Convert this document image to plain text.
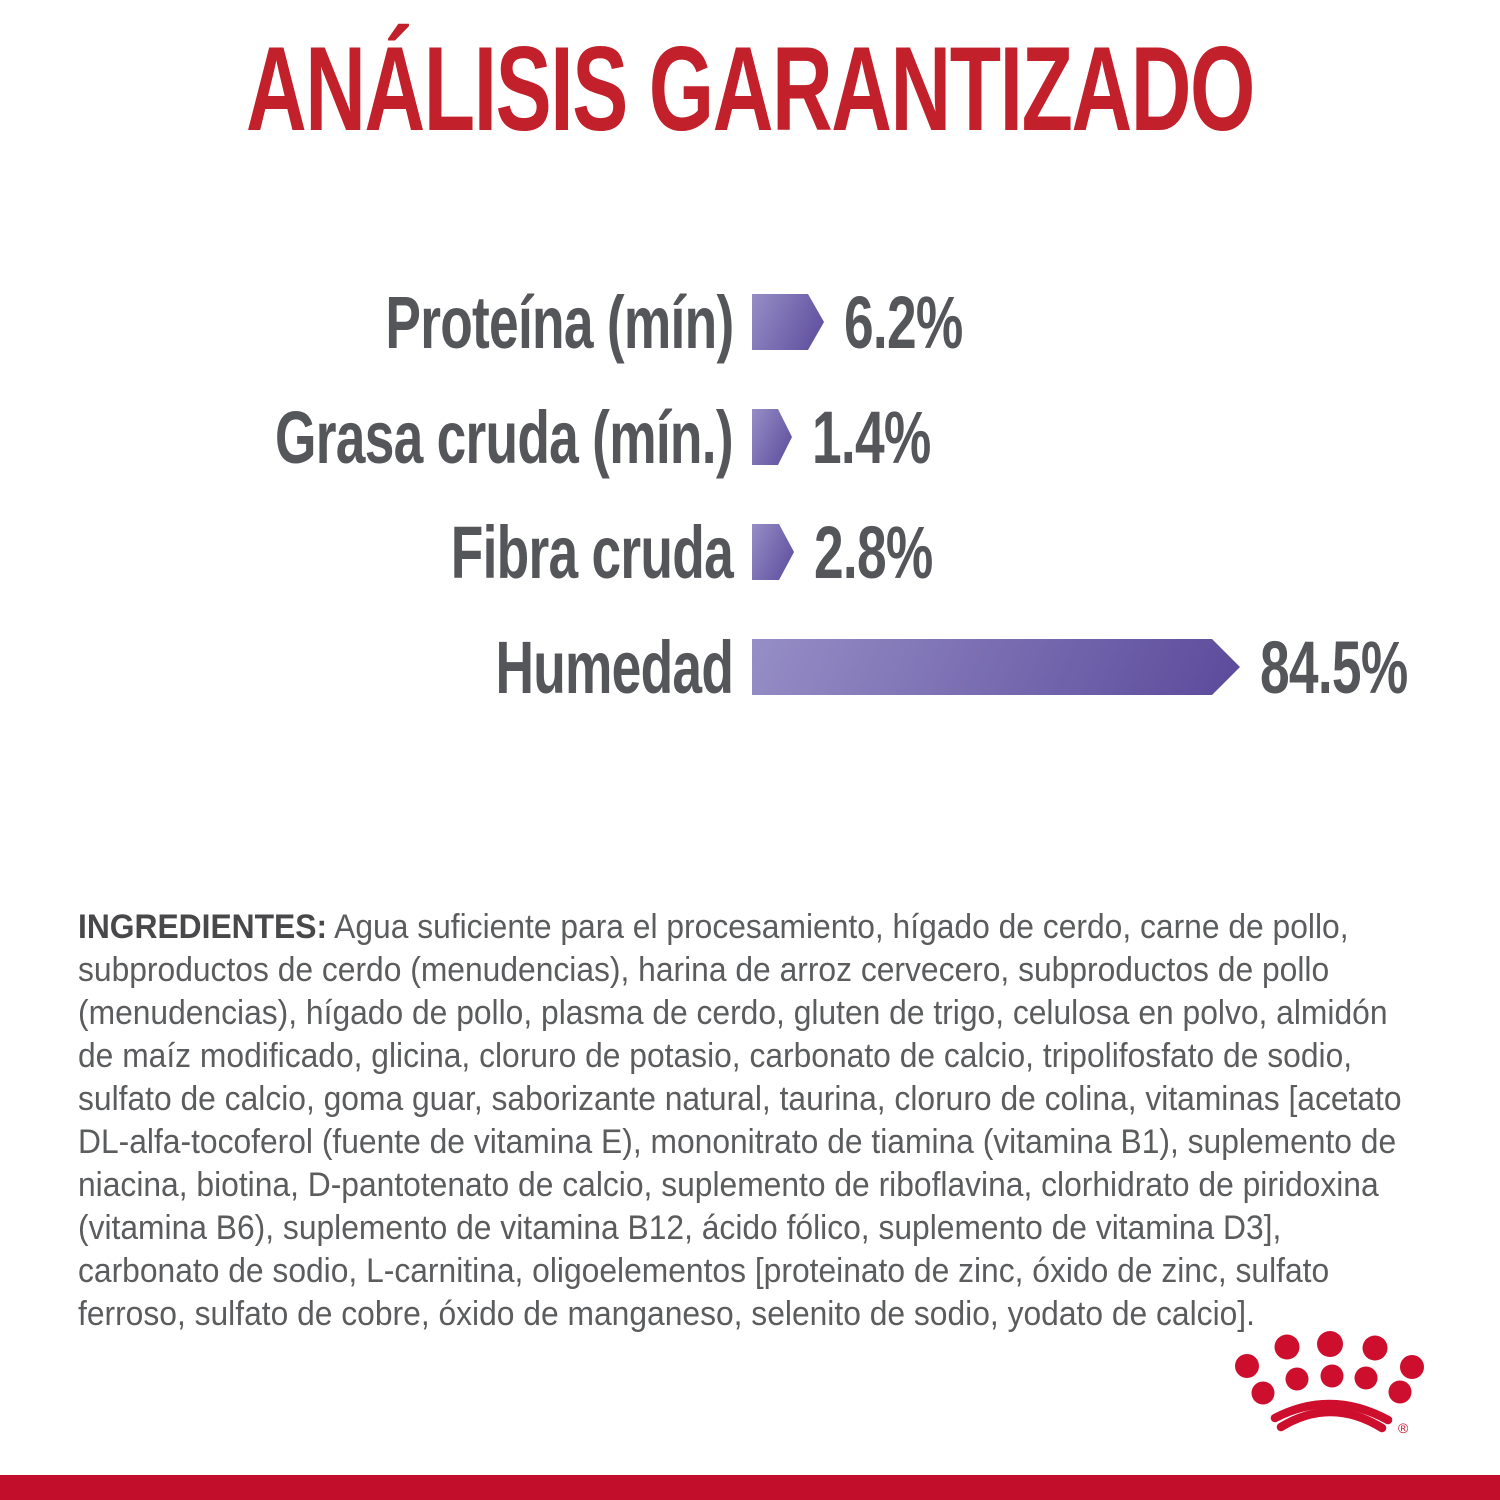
ANÁLISIS GARANTIZADO
Proteína (mín) 6.2%
Grasa cruda (mín.) 1.4%
Fibra cruda 2.8%
Humedad	84.5%
INGREDIENTES: Agua suficiente para el procesamiento, hígado de cerdo, carne de pollo, subproductos de cerdo (menudencias), harina de arroz cervecero, subproductos de pollo (menudencias), hígado de pollo, plasma de cerdo, gluten de trigo, celulosa en polvo, almidón de maíz modificado, glicina, cloruro de potasio, carbonato de calcio, tripolifosfato de sodio, sulfato de calcio, goma guar, saborizante natural, taurina, cloruro de colina, vitaminas [acetato DL-alfa-tocoferol (fuente de vitamina E), mononitrato de tiamina (vitamina B1), suplemento de niacina, biotina, D-pantotenato de calcio, suplemento de riboflavina, clorhidrato de piridoxina (vitamina B6), suplemento de vitamina B12, ácido fólico, suplemento de vitamina D3], carbonato de sodio, L-carnitina, oligoelementos [proteinato de zinc, óxido de zinc, sulfato ferroso, sulfato de cobre, óxido de manganeso, selenito de sodio, yodato de calcio].
®
